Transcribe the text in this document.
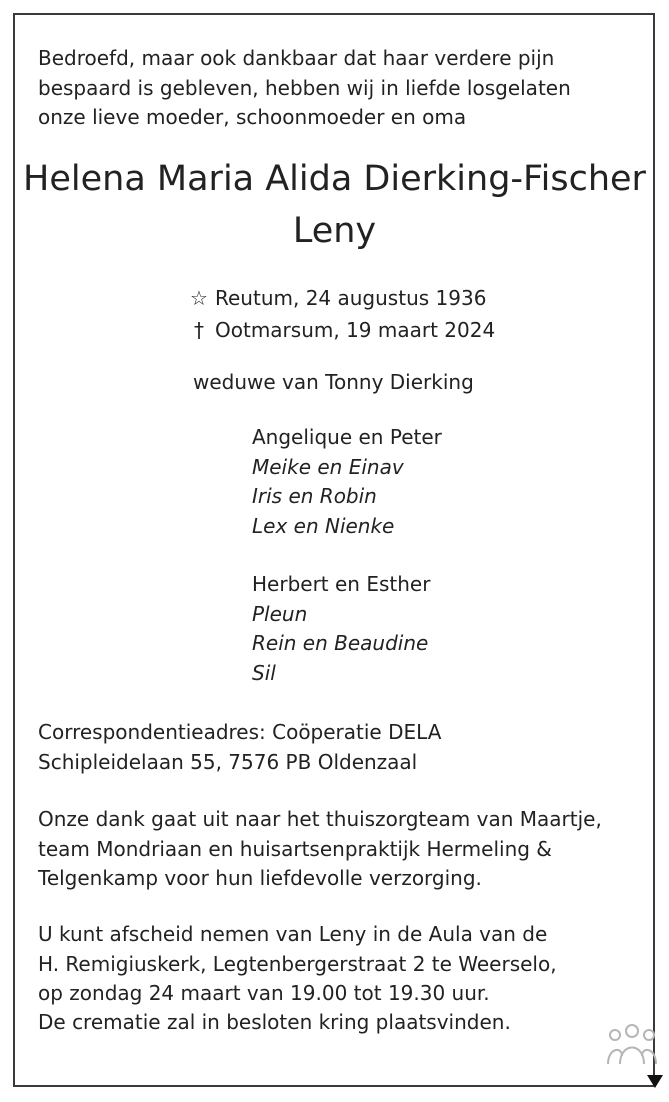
Bedroefd, maar ook dankbaar dat haar verdere pijn
bespaard is gebleven, hebben wij in liefde losgelaten
onze lieve moeder, schoonmoeder en oma
Helena Maria Alida Dierking-Fischer
Leny
☆ Reutum, 24 augustus 1936
† Ootmarsum, 19 maart 2024
weduwe van Tonny Dierking
Angelique en Peter
Meike en Einav
Iris en Robin
Lex en Nienke
Herbert en Esther
Pleun
Rein en Beaudine
Sil
Correspondentieadres: Coöperatie DELA
Schipleidelaan 55, 7576 PB Oldenzaal
Onze dank gaat uit naar het thuiszorgteam van Maartje,
team Mondriaan en huisartsenpraktijk Hermeling &
Telgenkamp voor hun liefdevolle verzorging.
U kunt afscheid nemen van Leny in de Aula van de
H. Remigiuskerk, Legtenbergerstraat 2 te Weerselo,
op zondag 24 maart van 19.00 tot 19.30 uur.
De crematie zal in besloten kring plaatsvinden.
